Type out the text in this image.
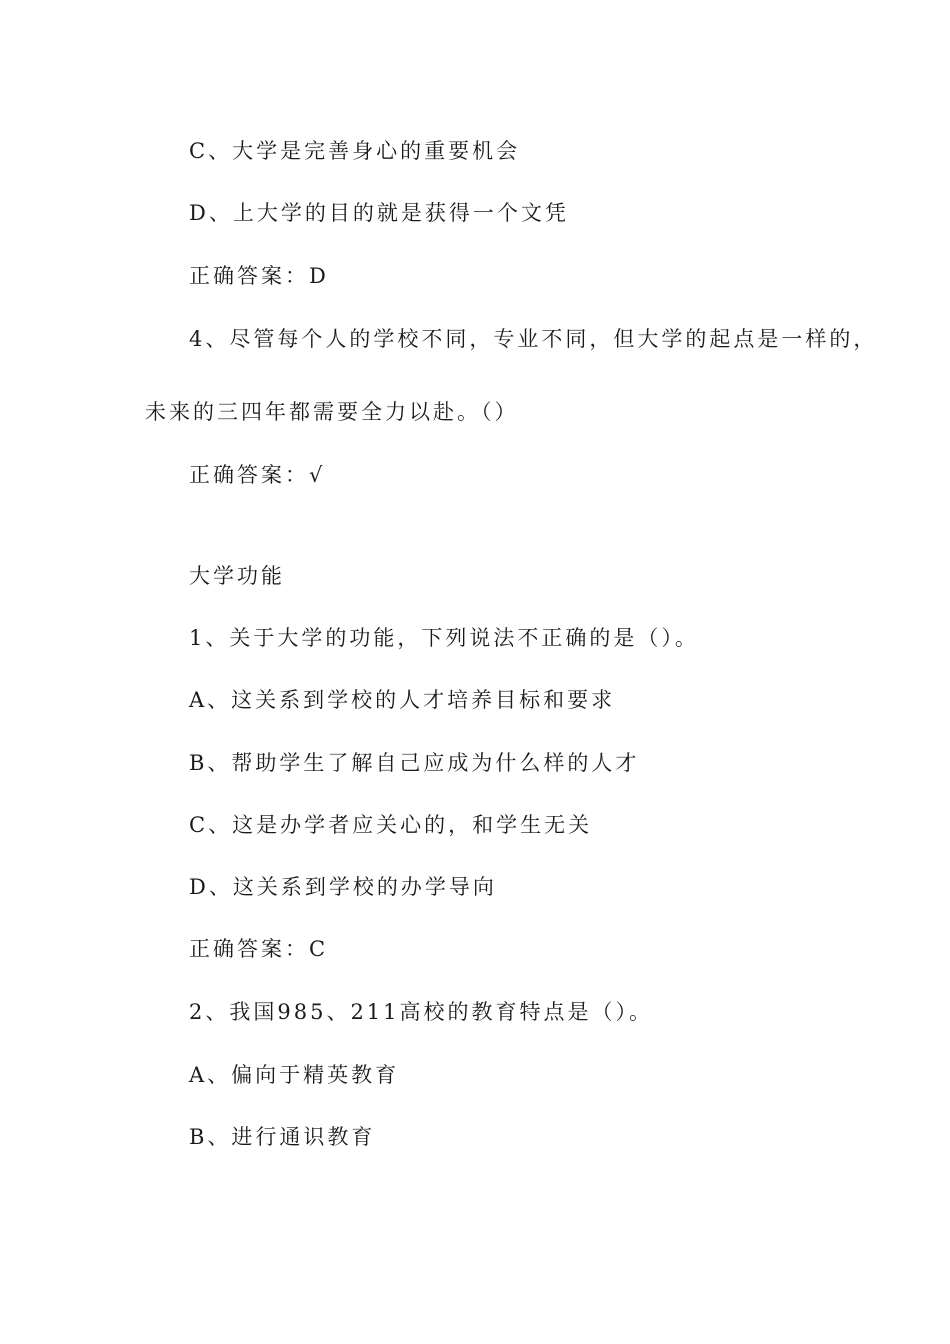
C、大学是完善身心的重要机会
D、上大学的目的就是获得一个文凭
正确答案：D
4、尽管每个人的学校不同，专业不同，但大学的起点是一样的，
未来的三四年都需要全力以赴。（）
正确答案：√
大学功能
1、关于大学的功能，下列说法不正确的是（）。
A、这关系到学校的人才培养目标和要求
B、帮助学生了解自己应成为什么样的人才
C、这是办学者应关心的，和学生无关
D、这关系到学校的办学导向
正确答案：C
2、我国985、211高校的教育特点是（）。
A、偏向于精英教育
B、进行通识教育
